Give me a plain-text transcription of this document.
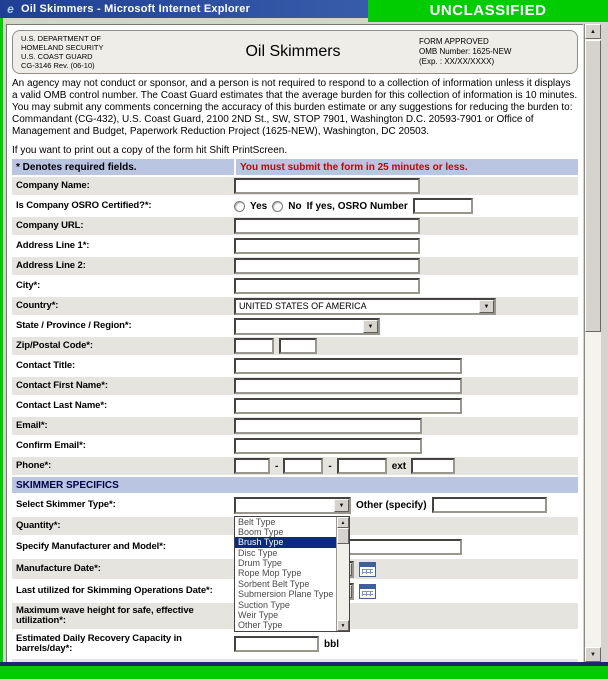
e Oil Skimmers - Microsoft Internet Explorer	UNCLASSIFIED
U.S. DEPARTMENT OF
HOMELAND SECURITY
U.S. COAST GUARD
CG-3146 Rev. (06-10)
Oil Skimmers
FORM APPROVED
OMB Number: 1625-NEW
(Exp. : XX/XX/XXXX)
An agency may not conduct or sponsor, and a person is not required to respond to a collection of information unless it displays a valid OMB control number. The Coast Guard estimates that the average burden for this collection of information is 10 minutes. You may submit any comments concerning the accuracy of this burden estimate or any suggestions for reducing the burden to: Commandant (CG-432), U.S. Coast Guard, 2100 2ND St., SW, STOP 7901, Washington D.C. 20593-7901 or Office of Management and Budget, Paperwork Reduction Project (1625-NEW), Washington, DC 20503.
If you want to print out a copy of the form hit Shift PrintScreen.
* Denotes required fields.	You must submit the form in 25 minutes or less.
Company Name:
Is Company OSRO Certified?*:	Yes No If yes, OSRO Number
Company URL:
Address Line 1*:
Address Line 2:
City*:
Country*:	UNITED STATES OF AMERICA	▼
State / Province / Region*:	▼
Zip/Postal Code*:
Contact Title:
Contact First Name*:
Contact Last Name*:
Email*:
Confirm Email*:
Phone*:	-	-	ext
SKIMMER SPECIFICS
Select Skimmer Type*:	▼	Other (specify)
Belt Type
Boom Type
Brush Type
Disc Type
Drum Type
Rope Mop Type
Sorbent Belt Type
Submersion Plane Type
Suction Type
Weir Type
Other Type
▲
▼
Quantity*:
Specify Manufacturer and Model*:
Manufacture Date*:
Last utilized for Skimming Operations Date*:
Maximum wave height for safe, effective utilization*:
Estimated Daily Recovery Capacity in barrels/day*:	bbl
▲
▼
